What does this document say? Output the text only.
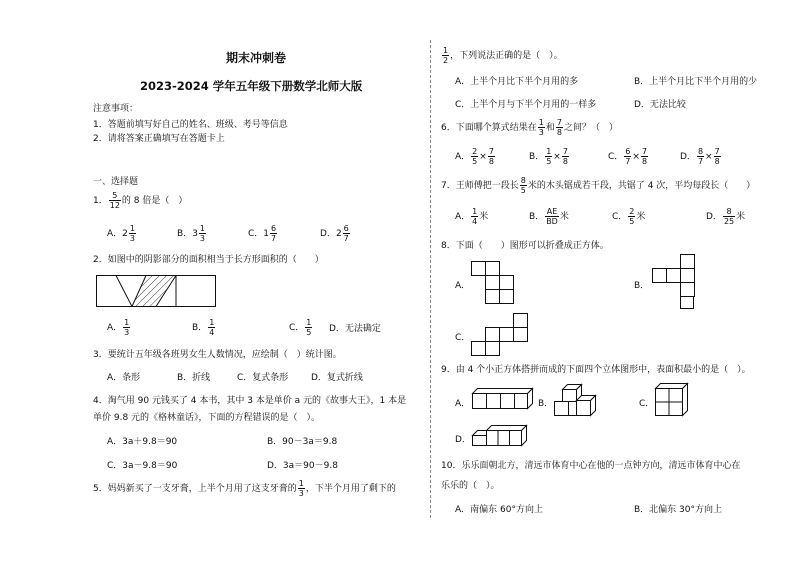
期末冲刺卷
2023-2024 学年五年级下册数学北师大版
注意事项：
1．答题前填写好自己的姓名、班级、考号等信息
2．请将答案正确填写在答题卡上
一、选择题
1． $\frac{5}{12}$ 的 8 倍是（　）
A．$2 \frac{1}{3}$	B．$3 \frac{1}{3}$	C．$1 \frac{6}{7}$	D．$2 \frac{6}{7}$
2．如图中的阴影部分的面积相当于长方形面积的（　　）
A． $\frac{1}{3}$	B． $\frac{1}{4}$	C． $\frac{1}{5}$ D．无法确定
3．要统计五年级各班男女生人数情况，应绘制（　）统计图。
A．条形	B．折线	C．复式条形	D．复式折线
4．淘气用 90 元钱买了 4 本书，其中 3 本是单价 a 元的《故事大王》，1 本是
单价 9.8 元的《格林童话》，下面的方程错误的是（　）。
A．3a＋9.8＝90	B．90－3a＝9.8
C．3a－9.8＝90	D．3a＝90－9.8
5．妈妈新买了一支牙膏，上半个月用了这支牙膏的 $\frac{1}{3}$ ，下半个月用了剩下的
$\frac{1}{2}$ ，下列说法正确的是（　）。
A．上半个月比下半个月用的多	B．上半个月比下半个月用的少
C．上半个月与下半个月用的一样多	D．无法比较
6．下面哪个算式结果在 $\frac{1}{3}$ 和 $\frac{7}{8}$ 之间？（　）
A． $\frac{2}{5} \times \frac{7}{8}$	B． $\frac{1}{5} \times \frac{7}{8}$	C． $\frac{6}{7} \times \frac{7}{8}$	D． $\frac{8}{7} \times \frac{7}{8}$
7．王师傅把一段长 $\frac{8}{5}$ 米的木头锯成若干段，共锯了 4 次，平均每段长（　　）
A． $\frac{1}{4}$ 米	B． $\frac{AE}{BD}$ 米	C． $\frac{2}{5}$ 米	D． $\frac{8}{25}$ 米
8．下面（　　）图形可以折叠成正方体。
A．	B．
C．
9．由 4 个小正方体搭拼而成的下面四个立体图形中，表面积最小的是（　）。
A．	B．	C．
D．
10．乐乐面朝北方，清远市体育中心在他的一点钟方向，清远市体育中心在
乐乐的（　）。
A．南偏东 60°方向上	B．北偏东 30°方向上
